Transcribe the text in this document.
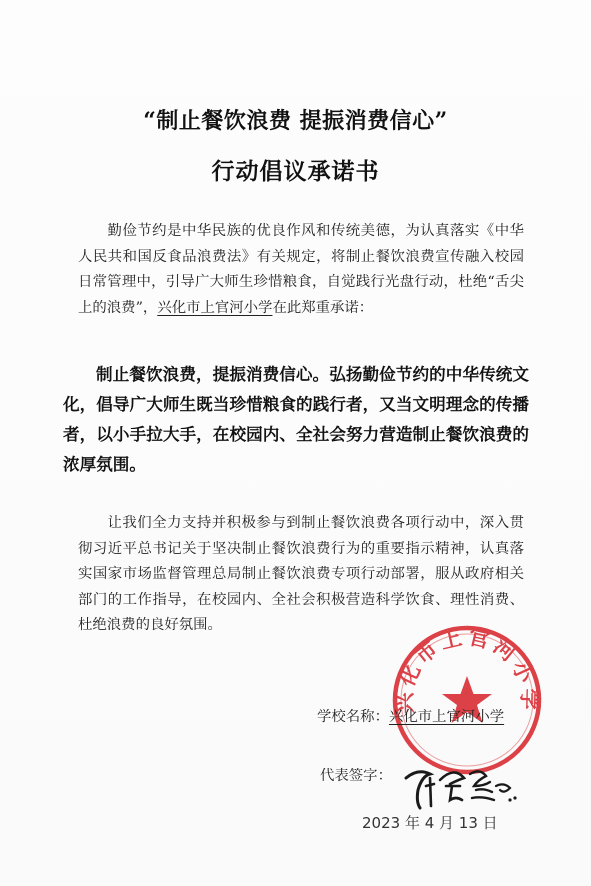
“制止餐饮浪费 提振消费信心”
行动倡议承诺书
勤俭节约是中华民族的优良作风和传统美德，为认真落实《中华人民共和国反食品浪费法》有关规定，将制止餐饮浪费宣传融入校园日常管理中，引导广大师生珍惜粮食，自觉践行光盘行动，杜绝“舌尖上的浪费”，兴化市上官河小学在此郑重承诺：
制止餐饮浪费，提振消费信心。弘扬勤俭节约的中华传统文化，倡导广大师生既当珍惜粮食的践行者，又当文明理念的传播者，以小手拉大手，在校园内、全社会努力营造制止餐饮浪费的浓厚氛围。
让我们全力支持并积极参与到制止餐饮浪费各项行动中，深入贯彻习近平总书记关于坚决制止餐饮浪费行为的重要指示精神，认真落实国家市场监督管理总局制止餐饮浪费专项行动部署，服从政府相关部门的工作指导，在校园内、全社会积极营造科学饮食、理性消费、杜绝浪费的良好氛围。
兴化市上官河小学
学校名称：兴化市上官河小学
代表签字：
2023 年 4 月 13 日
